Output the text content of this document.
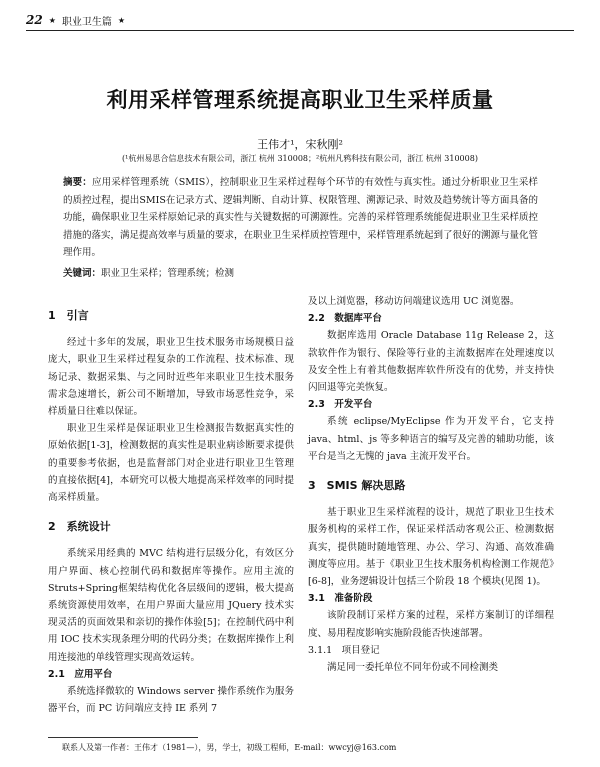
22 ★ 职业卫生篇 ★
利用采样管理系统提高职业卫生采样质量
王伟才¹，宋秋刚²
(¹杭州易思合信息技术有限公司，浙江 杭州 310008；²杭州凡鸦科技有限公司，浙江 杭州 310008)
摘要：应用采样管理系统（SMIS），控制职业卫生采样过程每个环节的有效性与真实性。通过分析职业卫生采样的质控过程，提出SMIS在记录方式、逻辑判断、自动计算、权限管理、溯源记录、时效及趋势统计等方面具备的功能，确保职业卫生采样原始记录的真实性与关键数据的可溯源性。完善的采样管理系统能促进职业卫生采样质控措施的落实，满足提高效率与质量的要求，在职业卫生采样质控管理中，采样管理系统起到了很好的溯源与量化管理作用。
关键词：职业卫生采样；管理系统；检测
1　引言

经过十多年的发展，职业卫生技术服务市场规模日益庞大，职业卫生采样过程复杂的工作流程、技术标准、现场记录、数据采集、与之同时近些年来职业卫生技术服务需求急速增长，新公司不断增加，导致市场恶性竞争，采样质量日往难以保证。

职业卫生采样是保证职业卫生检测报告数据真实性的原始依据[1-3]，检测数据的真实性是职业病诊断要求提供的重要参考依据，也是监督部门对企业进行职业卫生管理的直接依据[4]，本研究可以极大地提高采样效率的同时提高采样质量。

2　系统设计

系统采用经典的 MVC 结构进行层级分化，有效区分用户界面、核心控制代码和数据库等操作。应用主流的Struts+Spring框架结构优化各层级间的逻辑，极大提高系统资源使用效率，在用户界面大量应用 JQuery 技术实现灵活的页面效果和亲切的操作体验[5]；在控制代码中利用 IOC 技术实现条理分明的代码分类；在数据库操作上利用连接池的单线管理实现高效运转。

2.1　应用平台

系统选择微软的 Windows server 操作系统作为服务器平台，而 PC 访问端应支持 IE 系列 7

及以上浏览器，移动访问端建议选用 UC 浏览器。

2.2　数据库平台

数据库选用 Oracle Database 11g Release 2，这款软件作为银行、保险等行业的主流数据库在处理速度以及安全性上有着其他数据库软件所没有的优势，并支持快闪回退等完美恢复。

2.3　开发平台

系统 eclipse/MyEclipse 作为开发平台，它支持 java、html、js 等多种语言的编写及完善的辅助功能，该平台是当之无愧的 java 主流开发平台。

3　SMIS 解决思路

基于职业卫生采样流程的设计，规范了职业卫生技术服务机构的采样工作，保证采样活动客观公正、检测数据真实，提供随时随地管理、办公、学习、沟通、高效准确测度等应用。基于《职业卫生技术服务机构检测工作规范》[6-8]，业务逻辑设计包括三个阶段 18 个模块(见图 1)。

3.1　准备阶段

该阶段制订采样方案的过程，采样方案制订的详细程度、易用程度影响实施阶段能否快速部署。

3.1.1　项目登记

满足同一委托单位不同年份或不同检测类

联系人及第一作者：王伟才（1981—），男，学士，初级工程师，E-mail：wwcyj@163.com
